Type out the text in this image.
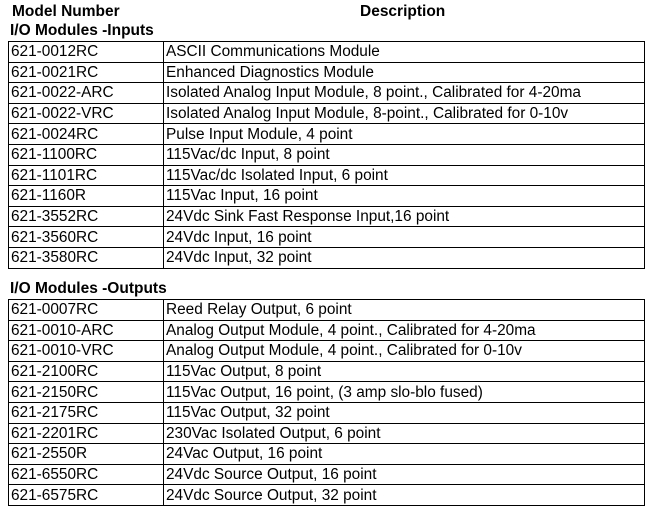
Model Number	Description
I/O Modules -Inputs
621-0012RC	ASCII Communications Module
621-0021RC	Enhanced Diagnostics Module
621-0022-ARC	Isolated Analog Input Module, 8 point., Calibrated for 4-20ma
621-0022-VRC	Isolated Analog Input Module, 8-point., Calibrated for 0-10v
621-0024RC	Pulse Input Module, 4 point
621-1100RC	115Vac/dc Input, 8 point
621-1101RC	115Vac/dc Isolated Input, 6 point
621-1160R	115Vac Input, 16 point
621-3552RC	24Vdc Sink Fast Response Input,16 point
621-3560RC	24Vdc Input, 16 point
621-3580RC	24Vdc Input, 32 point
I/O Modules -Outputs
621-0007RC	Reed Relay Output, 6 point
621-0010-ARC	Analog Output Module, 4 point., Calibrated for 4-20ma
621-0010-VRC	Analog Output Module, 4 point., Calibrated for 0-10v
621-2100RC	115Vac Output, 8 point
621-2150RC	115Vac Output, 16 point, (3 amp slo-blo fused)
621-2175RC	115Vac Output, 32 point
621-2201RC	230Vac Isolated Output, 6 point
621-2550R	24Vac Output, 16 point
621-6550RC	24Vdc Source Output, 16 point
621-6575RC	24Vdc Source Output, 32 point
